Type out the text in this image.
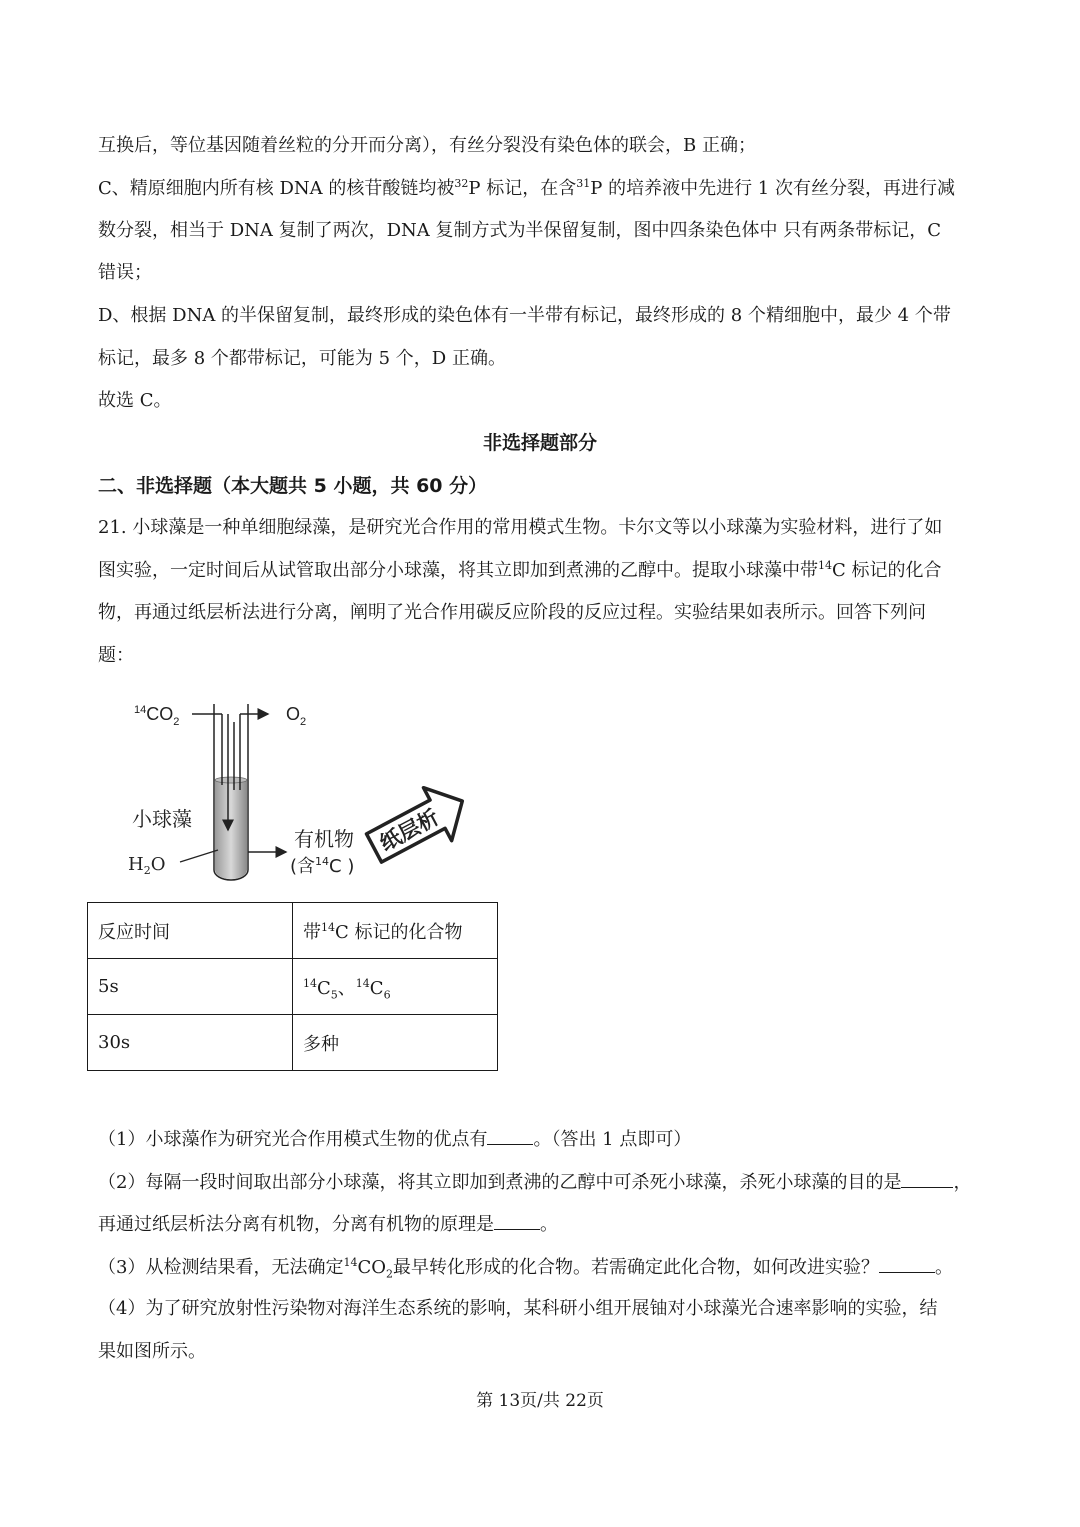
互换后，等位基因随着丝粒的分开而分离），有丝分裂没有染色体的联会，B 正确；
C、精原细胞内所有核 DNA 的核苷酸链均被$^{32}$P 标记，在含$^{31}$P 的培养液中先进行 1 次有丝分裂，再进行减
数分裂，相当于 DNA 复制了两次，DNA 复制方式为半保留复制，图中四条染色体中 只有两条带标记，C
错误；
D、根据 DNA 的半保留复制，最终形成的染色体有一半带有标记，最终形成的 8 个精细胞中，最少 4 个带
标记，最多 8 个都带标记，可能为 5 个，D 正确。
故选 C。
非选择题部分
二、非选择题（本大题共 5 小题，共 60 分）
21. 小球藻是一种单细胞绿藻，是研究光合作用的常用模式生物。卡尔文等以小球藻为实验材料，进行了如
图实验，一定时间后从试管取出部分小球藻，将其立即加到煮沸的乙醇中。提取小球藻中带$^{14}$C 标记的化合
物，再通过纸层析法进行分离，阐明了光合作用碳反应阶段的反应过程。实验结果如表所示。回答下列问
题：
$^{14}CO_2$	$O_2$
小球藻
$H_2O$
有机物
(含$^{14}$C )
纸层析
反应时间	带$^{14}$C 标记的化合物
5s	$^{14}C_5$、$^{14}C_6$
30s	多种
（1）小球藻作为研究光合作用模式生物的优点有	。（答出 1 点即可）
（2）每隔一段时间取出部分小球藻，将其立即加到煮沸的乙醇中可杀死小球藻，杀死小球藻的目的是	，
再通过纸层析法分离有机物，分离有机物的原理是	。
（3）从检测结果看，无法确定$^{14}CO_2$最早转化形成的化合物。若需确定此化合物，如何改进实验？	。
（4）为了研究放射性污染物对海洋生态系统的影响，某科研小组开展铀对小球藻光合速率影响的实验，结
果如图所示。
第 13页/共 22页
